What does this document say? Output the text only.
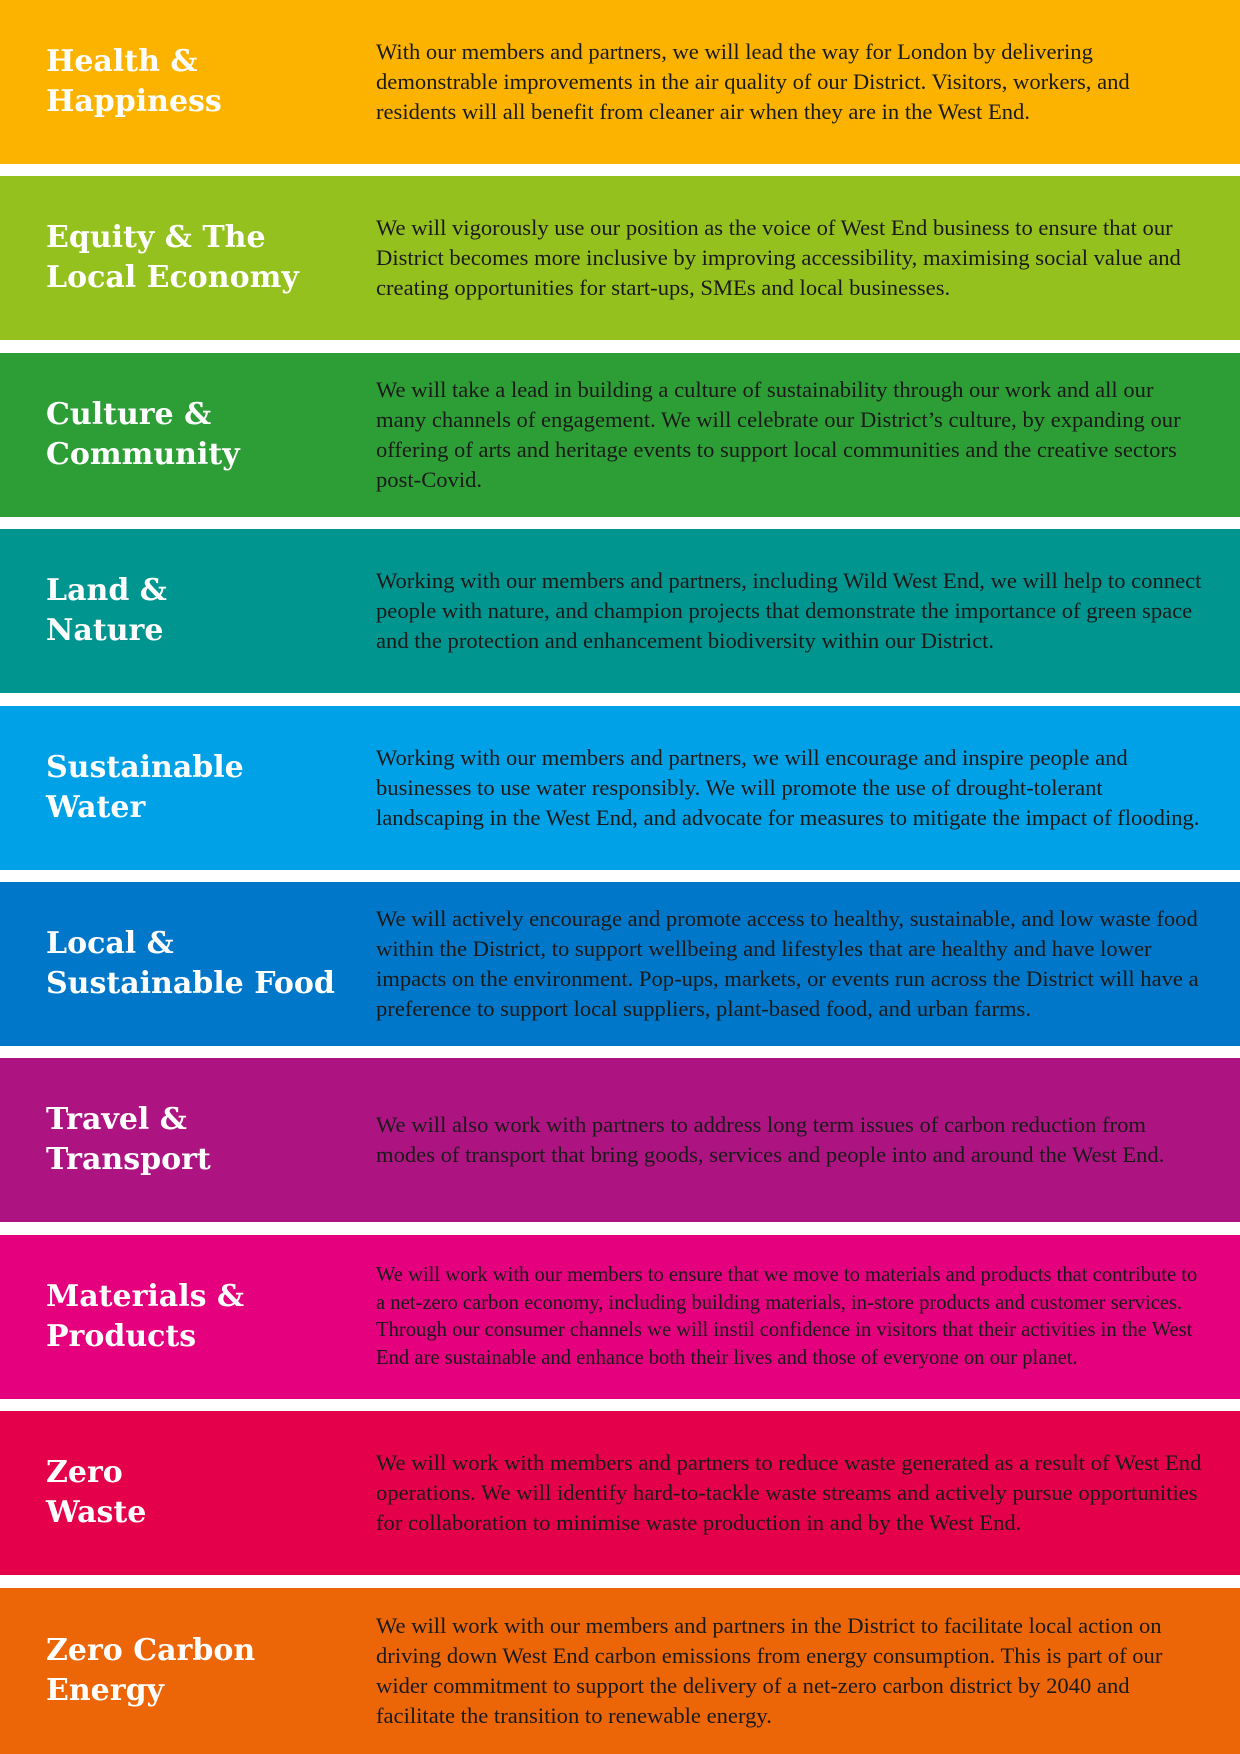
Health &
Happiness

With our members and partners, we will lead the way for London by delivering demonstrable improvements in the air quality of our District. Visitors, workers, and residents will all benefit from cleaner air when they are in the West End.

Equity & The
Local Economy

We will vigorously use our position as the voice of West End business to ensure that our District becomes more inclusive by improving accessibility, maximising social value and creating opportunities for start-ups, SMEs and local businesses.

Culture &
Community

We will take a lead in building a culture of sustainability through our work and all our many channels of engagement. We will celebrate our District’s culture, by expanding our offering of arts and heritage events to support local communities and the creative sectors post-Covid.

Land &
Nature

Working with our members and partners, including Wild West End, we will help to connect people with nature, and champion projects that demonstrate the importance of green space and the protection and enhancement biodiversity within our District.

Sustainable
Water

Working with our members and partners, we will encourage and inspire people and businesses to use water responsibly. We will promote the use of drought-tolerant landscaping in the West End, and advocate for measures to mitigate the impact of flooding.

Local &
Sustainable Food

We will actively encourage and promote access to healthy, sustainable, and low waste food within the District, to support wellbeing and lifestyles that are healthy and have lower impacts on the environment. Pop-ups, markets, or events run across the District will have a preference to support local suppliers, plant-based food, and urban farms.

Travel &
Transport

We will also work with partners to address long term issues of carbon reduction from modes of transport that bring goods, services and people into and around the West End.

Materials &
Products

We will work with our members to ensure that we move to materials and products that contribute to a net-zero carbon economy, including building materials, in-store products and customer services. Through our consumer channels we will instil confidence in visitors that their activities in the West End are sustainable and enhance both their lives and those of everyone on our planet.

Zero
Waste

We will work with members and partners to reduce waste generated as a result of West End operations. We will identify hard-to-tackle waste streams and actively pursue opportunities for collaboration to minimise waste production in and by the West End.

Zero Carbon
Energy

We will work with our members and partners in the District to facilitate local action on driving down West End carbon emissions from energy consumption. This is part of our wider commitment to support the delivery of a net-zero carbon district by 2040 and facilitate the transition to renewable energy.
